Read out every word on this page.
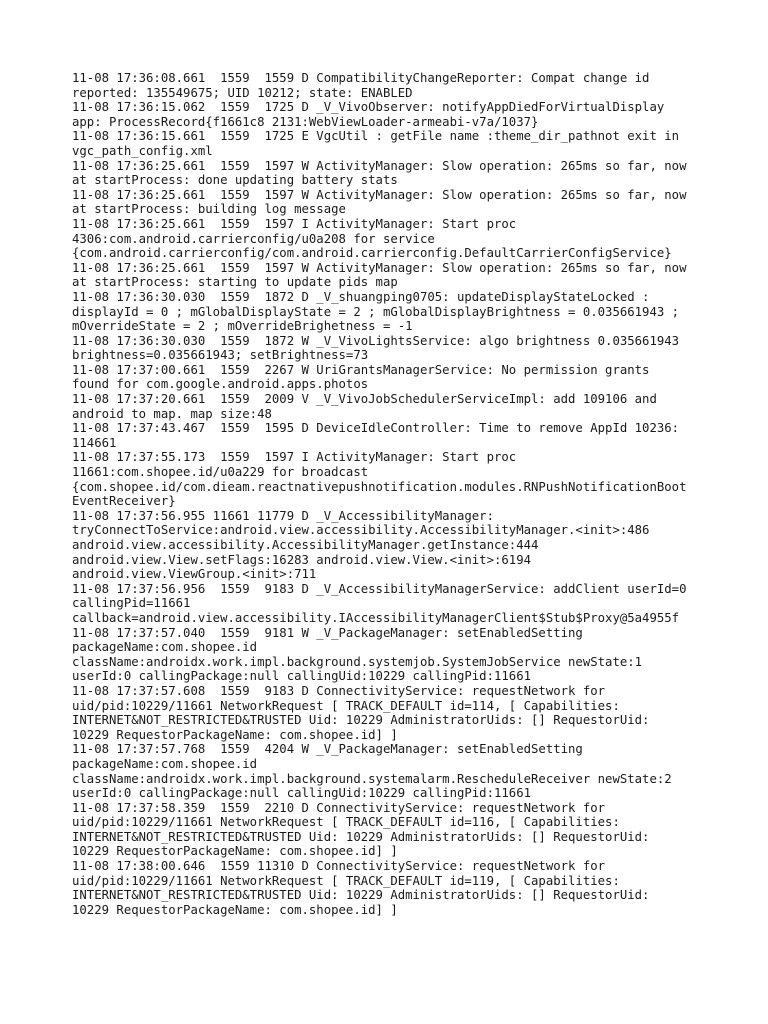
11-08 17:36:08.661  1559  1559 D CompatibilityChangeReporter: Compat change id
reported: 135549675; UID 10212; state: ENABLED
11-08 17:36:15.062  1559  1725 D _V_VivoObserver: notifyAppDiedForVirtualDisplay
app: ProcessRecord{f1661c8 2131:WebViewLoader-armeabi-v7a/1037}
11-08 17:36:15.661  1559  1725 E VgcUtil : getFile name :theme_dir_pathnot exit in
vgc_path_config.xml
11-08 17:36:25.661  1559  1597 W ActivityManager: Slow operation: 265ms so far, now
at startProcess: done updating battery stats
11-08 17:36:25.661  1559  1597 W ActivityManager: Slow operation: 265ms so far, now
at startProcess: building log message
11-08 17:36:25.661  1559  1597 I ActivityManager: Start proc
4306:com.android.carrierconfig/u0a208 for service
{com.android.carrierconfig/com.android.carrierconfig.DefaultCarrierConfigService}
11-08 17:36:25.661  1559  1597 W ActivityManager: Slow operation: 265ms so far, now
at startProcess: starting to update pids map
11-08 17:36:30.030  1559  1872 D _V_shuangping0705: updateDisplayStateLocked :
displayId = 0 ; mGlobalDisplayState = 2 ; mGlobalDisplayBrightness = 0.035661943 ;
mOverrideState = 2 ; mOverrideBrighetness = -1
11-08 17:36:30.030  1559  1872 W _V_VivoLightsService: algo brightness 0.035661943
brightness=0.035661943; setBrightness=73
11-08 17:37:00.661  1559  2267 W UriGrantsManagerService: No permission grants
found for com.google.android.apps.photos
11-08 17:37:20.661  1559  2009 V _V_VivoJobSchedulerServiceImpl: add 109106 and
android to map. map size:48
11-08 17:37:43.467  1559  1595 D DeviceIdleController: Time to remove AppId 10236:
114661
11-08 17:37:55.173  1559  1597 I ActivityManager: Start proc
11661:com.shopee.id/u0a229 for broadcast
{com.shopee.id/com.dieam.reactnativepushnotification.modules.RNPushNotificationBoot
EventReceiver}
11-08 17:37:56.955 11661 11779 D _V_AccessibilityManager:
tryConnectToService:android.view.accessibility.AccessibilityManager.<init>:486
android.view.accessibility.AccessibilityManager.getInstance:444
android.view.View.setFlags:16283 android.view.View.<init>:6194
android.view.ViewGroup.<init>:711
11-08 17:37:56.956  1559  9183 D _V_AccessibilityManagerService: addClient userId=0
callingPid=11661
callback=android.view.accessibility.IAccessibilityManagerClient$Stub$Proxy@5a4955f
11-08 17:37:57.040  1559  9181 W _V_PackageManager: setEnabledSetting
packageName:com.shopee.id
className:androidx.work.impl.background.systemjob.SystemJobService newState:1
userId:0 callingPackage:null callingUid:10229 callingPid:11661
11-08 17:37:57.608  1559  9183 D ConnectivityService: requestNetwork for
uid/pid:10229/11661 NetworkRequest [ TRACK_DEFAULT id=114, [ Capabilities:
INTERNET&NOT_RESTRICTED&TRUSTED Uid: 10229 AdministratorUids: [] RequestorUid:
10229 RequestorPackageName: com.shopee.id] ]
11-08 17:37:57.768  1559  4204 W _V_PackageManager: setEnabledSetting
packageName:com.shopee.id
className:androidx.work.impl.background.systemalarm.RescheduleReceiver newState:2
userId:0 callingPackage:null callingUid:10229 callingPid:11661
11-08 17:37:58.359  1559  2210 D ConnectivityService: requestNetwork for
uid/pid:10229/11661 NetworkRequest [ TRACK_DEFAULT id=116, [ Capabilities:
INTERNET&NOT_RESTRICTED&TRUSTED Uid: 10229 AdministratorUids: [] RequestorUid:
10229 RequestorPackageName: com.shopee.id] ]
11-08 17:38:00.646  1559 11310 D ConnectivityService: requestNetwork for
uid/pid:10229/11661 NetworkRequest [ TRACK_DEFAULT id=119, [ Capabilities:
INTERNET&NOT_RESTRICTED&TRUSTED Uid: 10229 AdministratorUids: [] RequestorUid:
10229 RequestorPackageName: com.shopee.id] ]
